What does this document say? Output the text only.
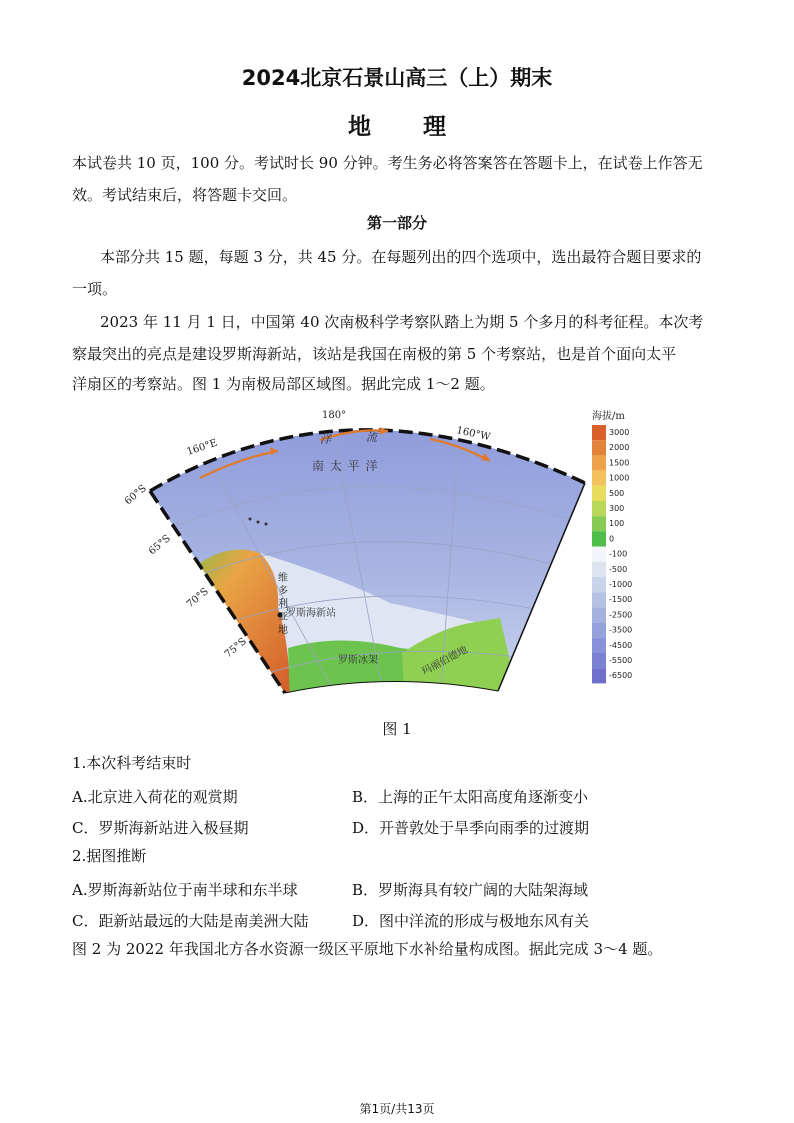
2024北京石景山高三（上）期末
地 理

本试卷共 10 页，100 分。考试时长 90 分钟。考生务必将答案答在答题卡上，在试卷上作答无

效。考试结束后，将答题卡交回。

第一部分

本部分共 15 题，每题 3 分，共 45 分。在每题列出的四个选项中，选出最符合题目要求的

一项。

2023 年 11 月 1 日，中国第 40 次南极科学考察队踏上为期 5 个多月的科考征程。本次考

察最突出的亮点是建设罗斯海新站，该站是我国在南极的第 5 个考察站，也是首个面向太平

洋扇区的考察站。图 1 为南极局部区域图。据此完成 1～2 题。

160°E
180°
160°W
60°S
65°S
70°S
75°S
洋	流
南 太 平 洋
罗斯海新站
罗斯冰架	玛丽伯德地
维
多
利
亚
地
海拔/m
3000
2000
1500
1000
500
300
100
0
-100
-500
-1000
-1500
-2500
-3500
-4500
-5500
-6500
图 1
1.本次科考结束时
A.北京进入荷花的观赏期	B．上海的正午太阳高度角逐渐变小
C．罗斯海新站进入极昼期	D．开普敦处于旱季向雨季的过渡期
2.据图推断
A.罗斯海新站位于南半球和东半球	B．罗斯海具有较广阔的大陆架海域
C．距新站最远的大陆是南美洲大陆	D．图中洋流的形成与极地东风有关
图 2 为 2022 年我国北方各水资源一级区平原地下水补给量构成图。据此完成 3～4 题。
第1页/共13页
